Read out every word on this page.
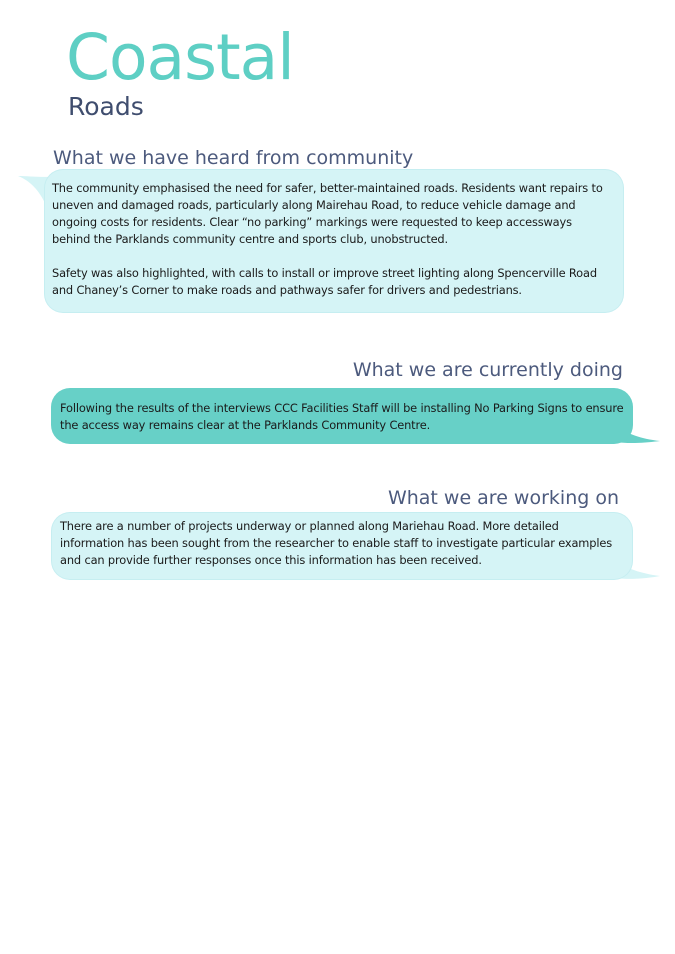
Coastal
Roads
What we have heard from community

The community emphasised the need for safer, better-maintained roads. Residents want repairs to uneven and damaged roads, particularly along Mairehau Road, to reduce vehicle damage and ongoing costs for residents. Clear “no parking” markings were requested to keep accessways behind the Parklands community centre and sports club, unobstructed.

Safety was also highlighted, with calls to install or improve street lighting along Spencerville Road and Chaney’s Corner to make roads and pathways safer for drivers and pedestrians.

What we are currently doing

Following the results of the interviews CCC Facilities Staff will be installing No Parking Signs to ensure the access way remains clear at the Parklands Community Centre.

What we are working on

There are a number of projects underway or planned along Mariehau Road. More detailed information has been sought from the researcher to enable staff to investigate particular examples and can provide further responses once this information has been received.
